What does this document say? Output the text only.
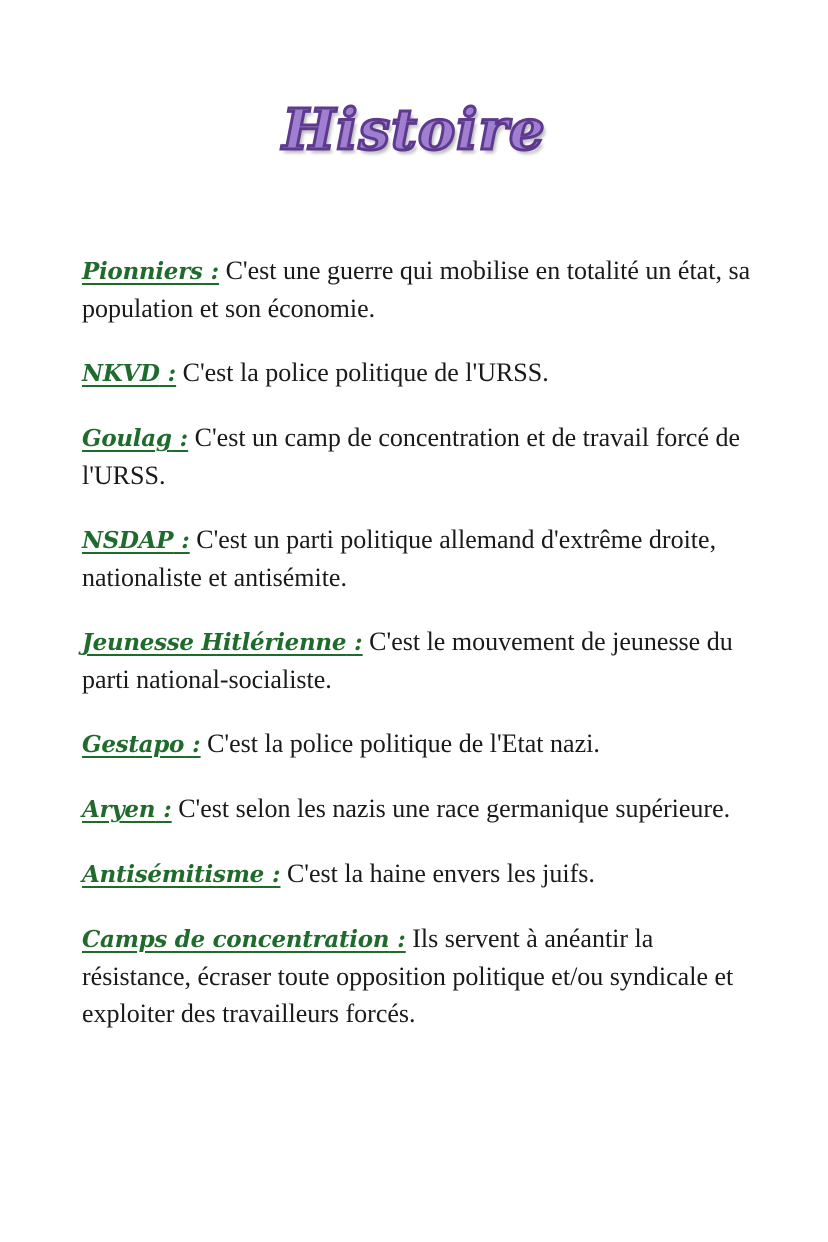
Histoire

Pionniers : C'est une guerre qui mobilise en totalité un état, sa population et son économie.

NKVD : C'est la police politique de l'URSS.

Goulag : C'est un camp de concentration et de travail forcé de l'URSS.

NSDAP : C'est un parti politique allemand d'extrême droite, nationaliste et antisémite.

Jeunesse Hitlérienne : C'est le mouvement de jeunesse du parti national-socialiste.

Gestapo : C'est la police politique de l'Etat nazi.

Aryen : C'est selon les nazis une race germanique supérieure.

Antisémitisme : C'est la haine envers les juifs.

Camps de concentration : Ils servent à anéantir la résistance, écraser toute opposition politique et/ou syndicale et exploiter des travailleurs forcés.
